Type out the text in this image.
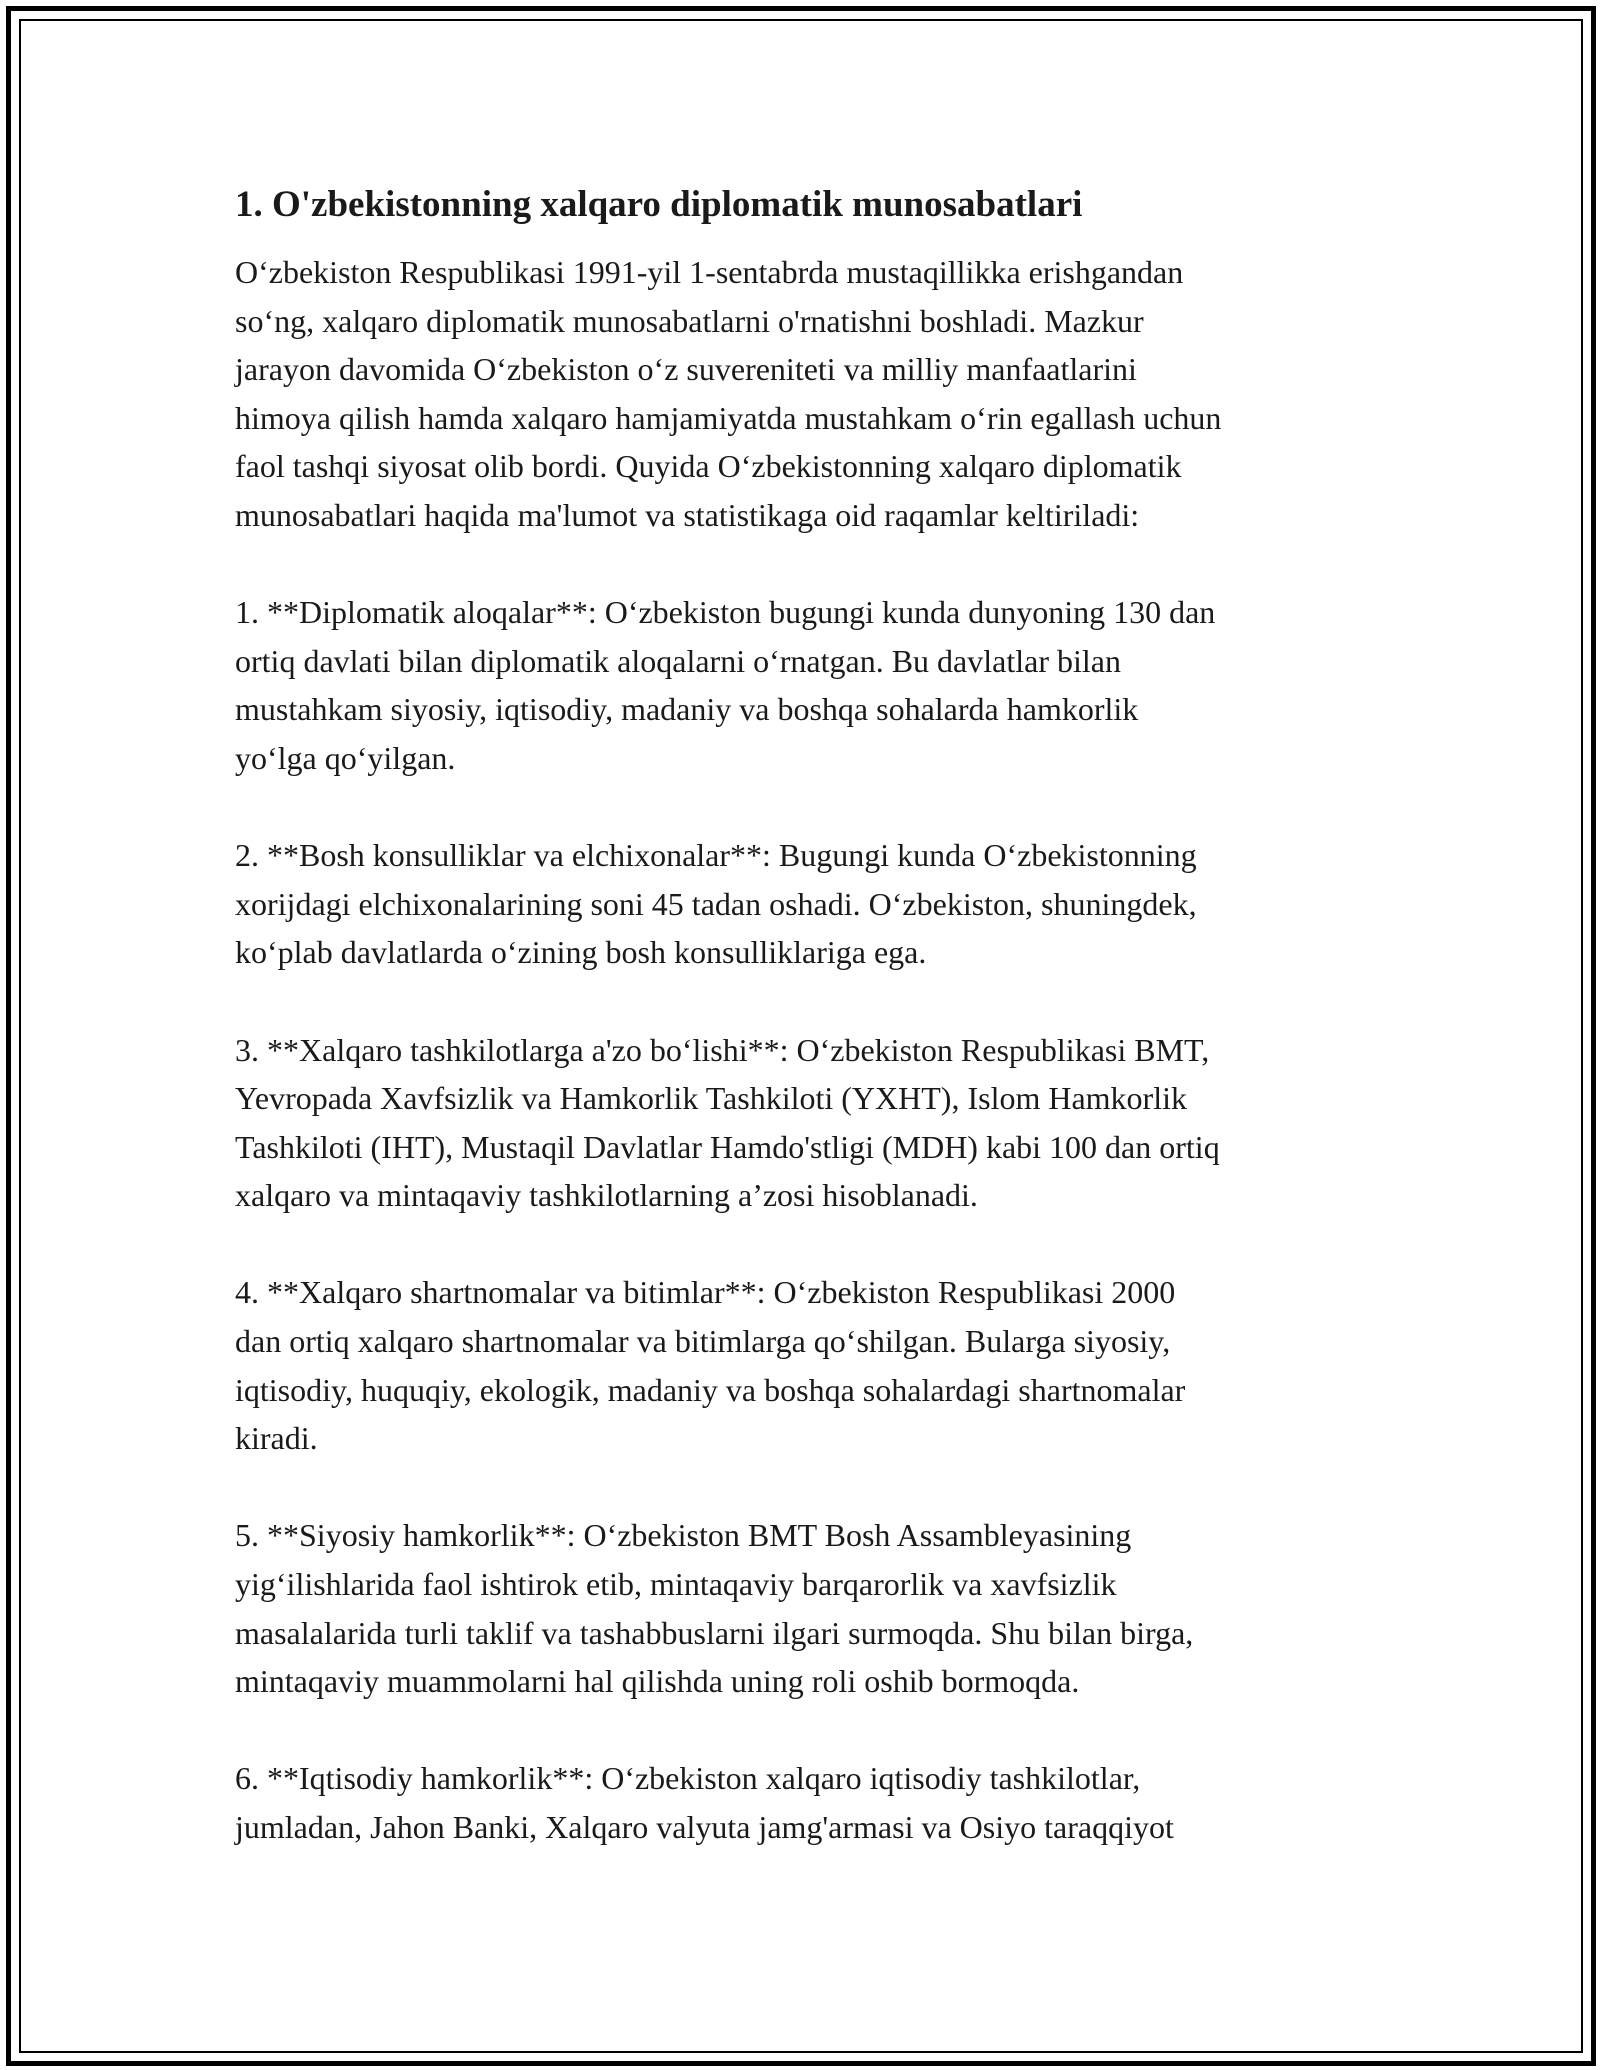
1. O'zbekistonning xalqaro diplomatik munosabatlari
O‘zbekiston Respublikasi 1991-yil 1-sentabrda mustaqillikka erishgandan
so‘ng, xalqaro diplomatik munosabatlarni o'rnatishni boshladi. Mazkur
jarayon davomida O‘zbekiston o‘z suvereniteti va milliy manfaatlarini
himoya qilish hamda xalqaro hamjamiyatda mustahkam o‘rin egallash uchun
faol tashqi siyosat olib bordi. Quyida O‘zbekistonning xalqaro diplomatik
munosabatlari haqida ma'lumot va statistikaga oid raqamlar keltiriladi:
1. **Diplomatik aloqalar**: O‘zbekiston bugungi kunda dunyoning 130 dan
ortiq davlati bilan diplomatik aloqalarni o‘rnatgan. Bu davlatlar bilan
mustahkam siyosiy, iqtisodiy, madaniy va boshqa sohalarda hamkorlik
yo‘lga qo‘yilgan.
2. **Bosh konsulliklar va elchixonalar**: Bugungi kunda O‘zbekistonning
xorijdagi elchixonalarining soni 45 tadan oshadi. O‘zbekiston, shuningdek,
ko‘plab davlatlarda o‘zining bosh konsulliklariga ega.
3. **Xalqaro tashkilotlarga a'zo bo‘lishi**: O‘zbekiston Respublikasi BMT,
Yevropada Xavfsizlik va Hamkorlik Tashkiloti (YXHT), Islom Hamkorlik
Tashkiloti (IHT), Mustaqil Davlatlar Hamdo'stligi (MDH) kabi 100 dan ortiq
xalqaro va mintaqaviy tashkilotlarning a’zosi hisoblanadi.
4. **Xalqaro shartnomalar va bitimlar**: O‘zbekiston Respublikasi 2000
dan ortiq xalqaro shartnomalar va bitimlarga qo‘shilgan. Bularga siyosiy,
iqtisodiy, huquqiy, ekologik, madaniy va boshqa sohalardagi shartnomalar
kiradi.
5. **Siyosiy hamkorlik**: O‘zbekiston BMT Bosh Assambleyasining
yig‘ilishlarida faol ishtirok etib, mintaqaviy barqarorlik va xavfsizlik
masalalarida turli taklif va tashabbuslarni ilgari surmoqda. Shu bilan birga,
mintaqaviy muammolarni hal qilishda uning roli oshib bormoqda.
6. **Iqtisodiy hamkorlik**: O‘zbekiston xalqaro iqtisodiy tashkilotlar,
jumladan, Jahon Banki, Xalqaro valyuta jamg'armasi va Osiyo taraqqiyot
